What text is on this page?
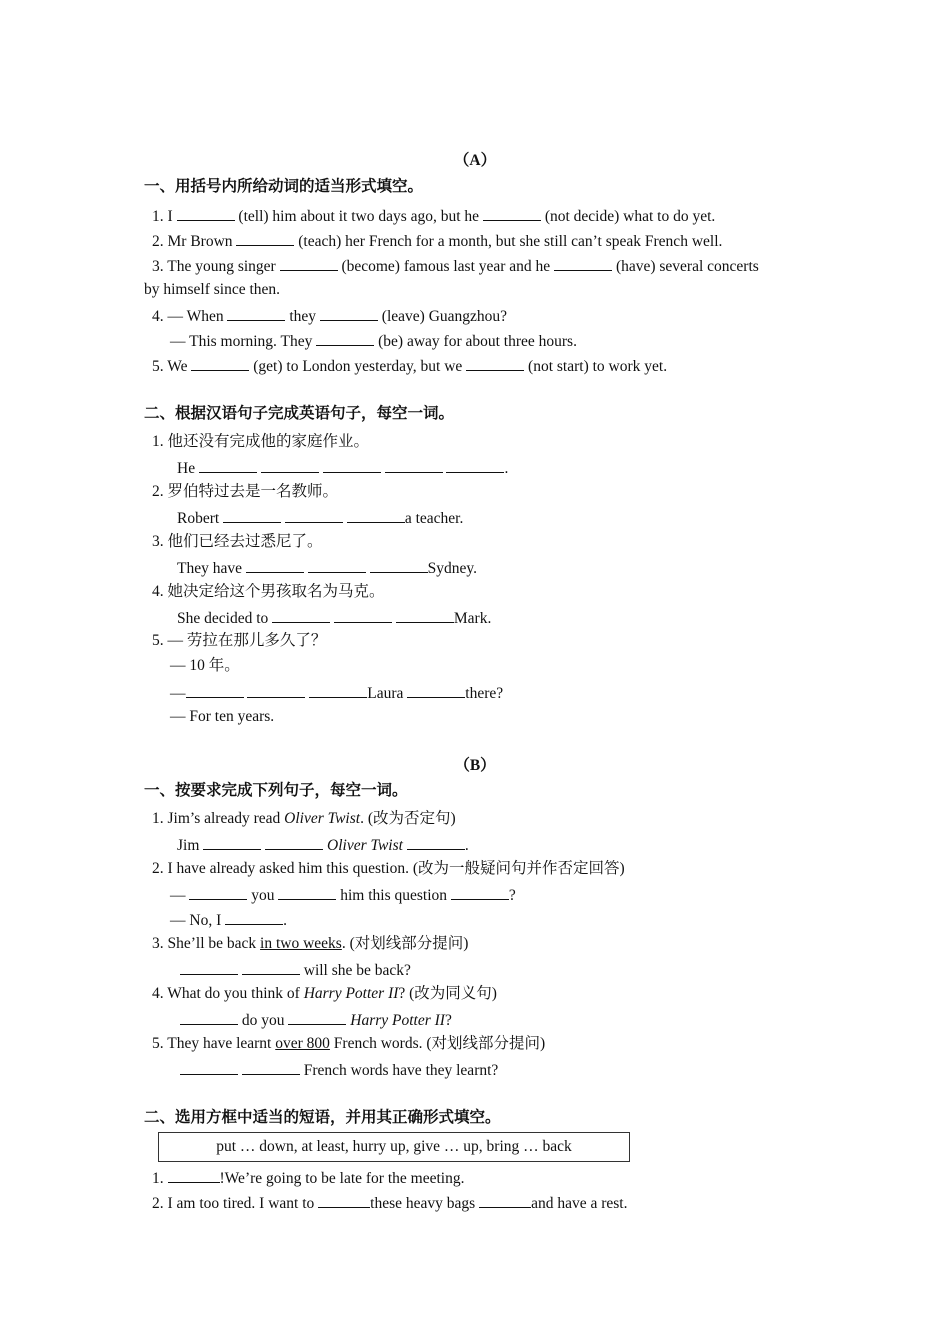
（A）
一、用括号内所给动词的适当形式填空。
1. I	(tell) him about it two days ago, but he	(not decide) what to do yet.
2. Mr Brown	(teach) her French for a month, but she still can’t speak French well.
3. The young singer	(become) famous last year and he	(have) several concerts
by himself since then.
4. — When	they	(leave) Guangzhou?
— This morning. They	(be) away for about three hours.
5. We	(get) to London yesterday, but we	(not start) to work yet.
二、根据汉语句子完成英语句子，每空一词。
1. 他还没有完成他的家庭作业。
He	.
2. 罗伯特过去是一名教师。
Robert	a teacher.
3. 他们已经去过悉尼了。
They have	Sydney.
4. 她决定给这个男孩取名为马克。
She decided to	Mark.
5. — 劳拉在那儿多久了？
— 10 年。
—	Laura	there?
— For ten years.
（B）
一、按要求完成下列句子，每空一词。
1. Jim’s already read Oliver Twist. (改为否定句)
Jim	Oliver Twist	.
2. I have already asked him this question. (改为一般疑问句并作否定回答)
—	you	him this question	?
— No, I	.
3. She’ll be back in two weeks. (对划线部分提问)
will she be back?
4. What do you think of Harry Potter II? (改为同义句)
do you	Harry Potter II?
5. They have learnt over 800 French words. (对划线部分提问)
French words have they learnt?
二、选用方框中适当的短语，并用其正确形式填空。
put … down, at least, hurry up, give … up, bring … back
1.	!We’re going to be late for the meeting.
2. I am too tired. I want to	these heavy bags	and have a rest.
